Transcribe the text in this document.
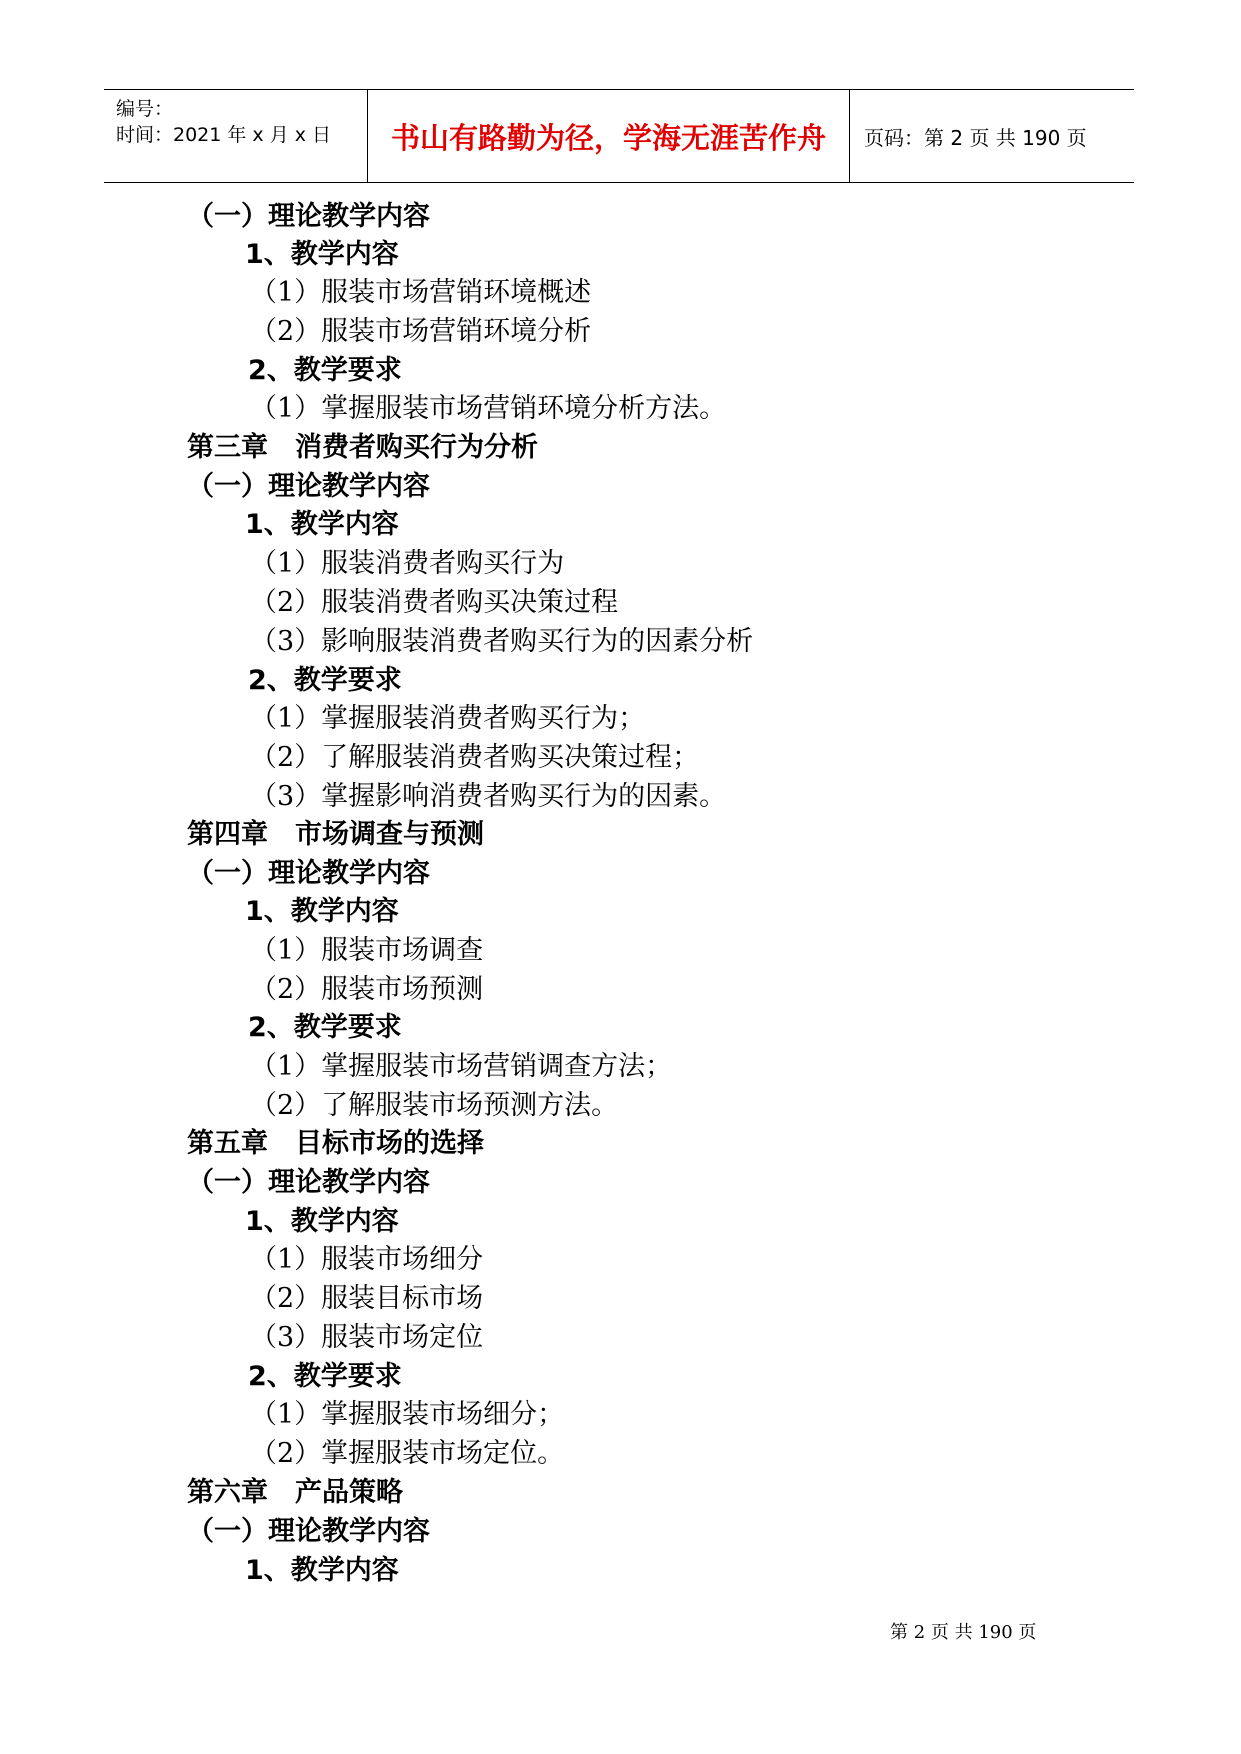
编号：
时间：2021 年 x 月 x 日	书山有路勤为径，学海无涯苦作舟	页码：第 2 页 共 190 页
（一）理论教学内容
1、教学内容
（1）服装市场营销环境概述
（2）服装市场营销环境分析
2、教学要求
（1）掌握服装市场营销环境分析方法。
第三章　消费者购买行为分析
（一）理论教学内容
1、教学内容
（1）服装消费者购买行为
（2）服装消费者购买决策过程
（3）影响服装消费者购买行为的因素分析
2、教学要求
（1）掌握服装消费者购买行为；
（2）了解服装消费者购买决策过程；
（3）掌握影响消费者购买行为的因素。
第四章　市场调查与预测
（一）理论教学内容
1、教学内容
（1）服装市场调查
（2）服装市场预测
2、教学要求
（1）掌握服装市场营销调查方法；
（2）了解服装市场预测方法。
第五章　目标市场的选择
（一）理论教学内容
1、教学内容
（1）服装市场细分
（2）服装目标市场
（3）服装市场定位
2、教学要求
（1）掌握服装市场细分；
（2）掌握服装市场定位。
第六章　产品策略
（一）理论教学内容
1、教学内容
第 2 页 共 190 页
